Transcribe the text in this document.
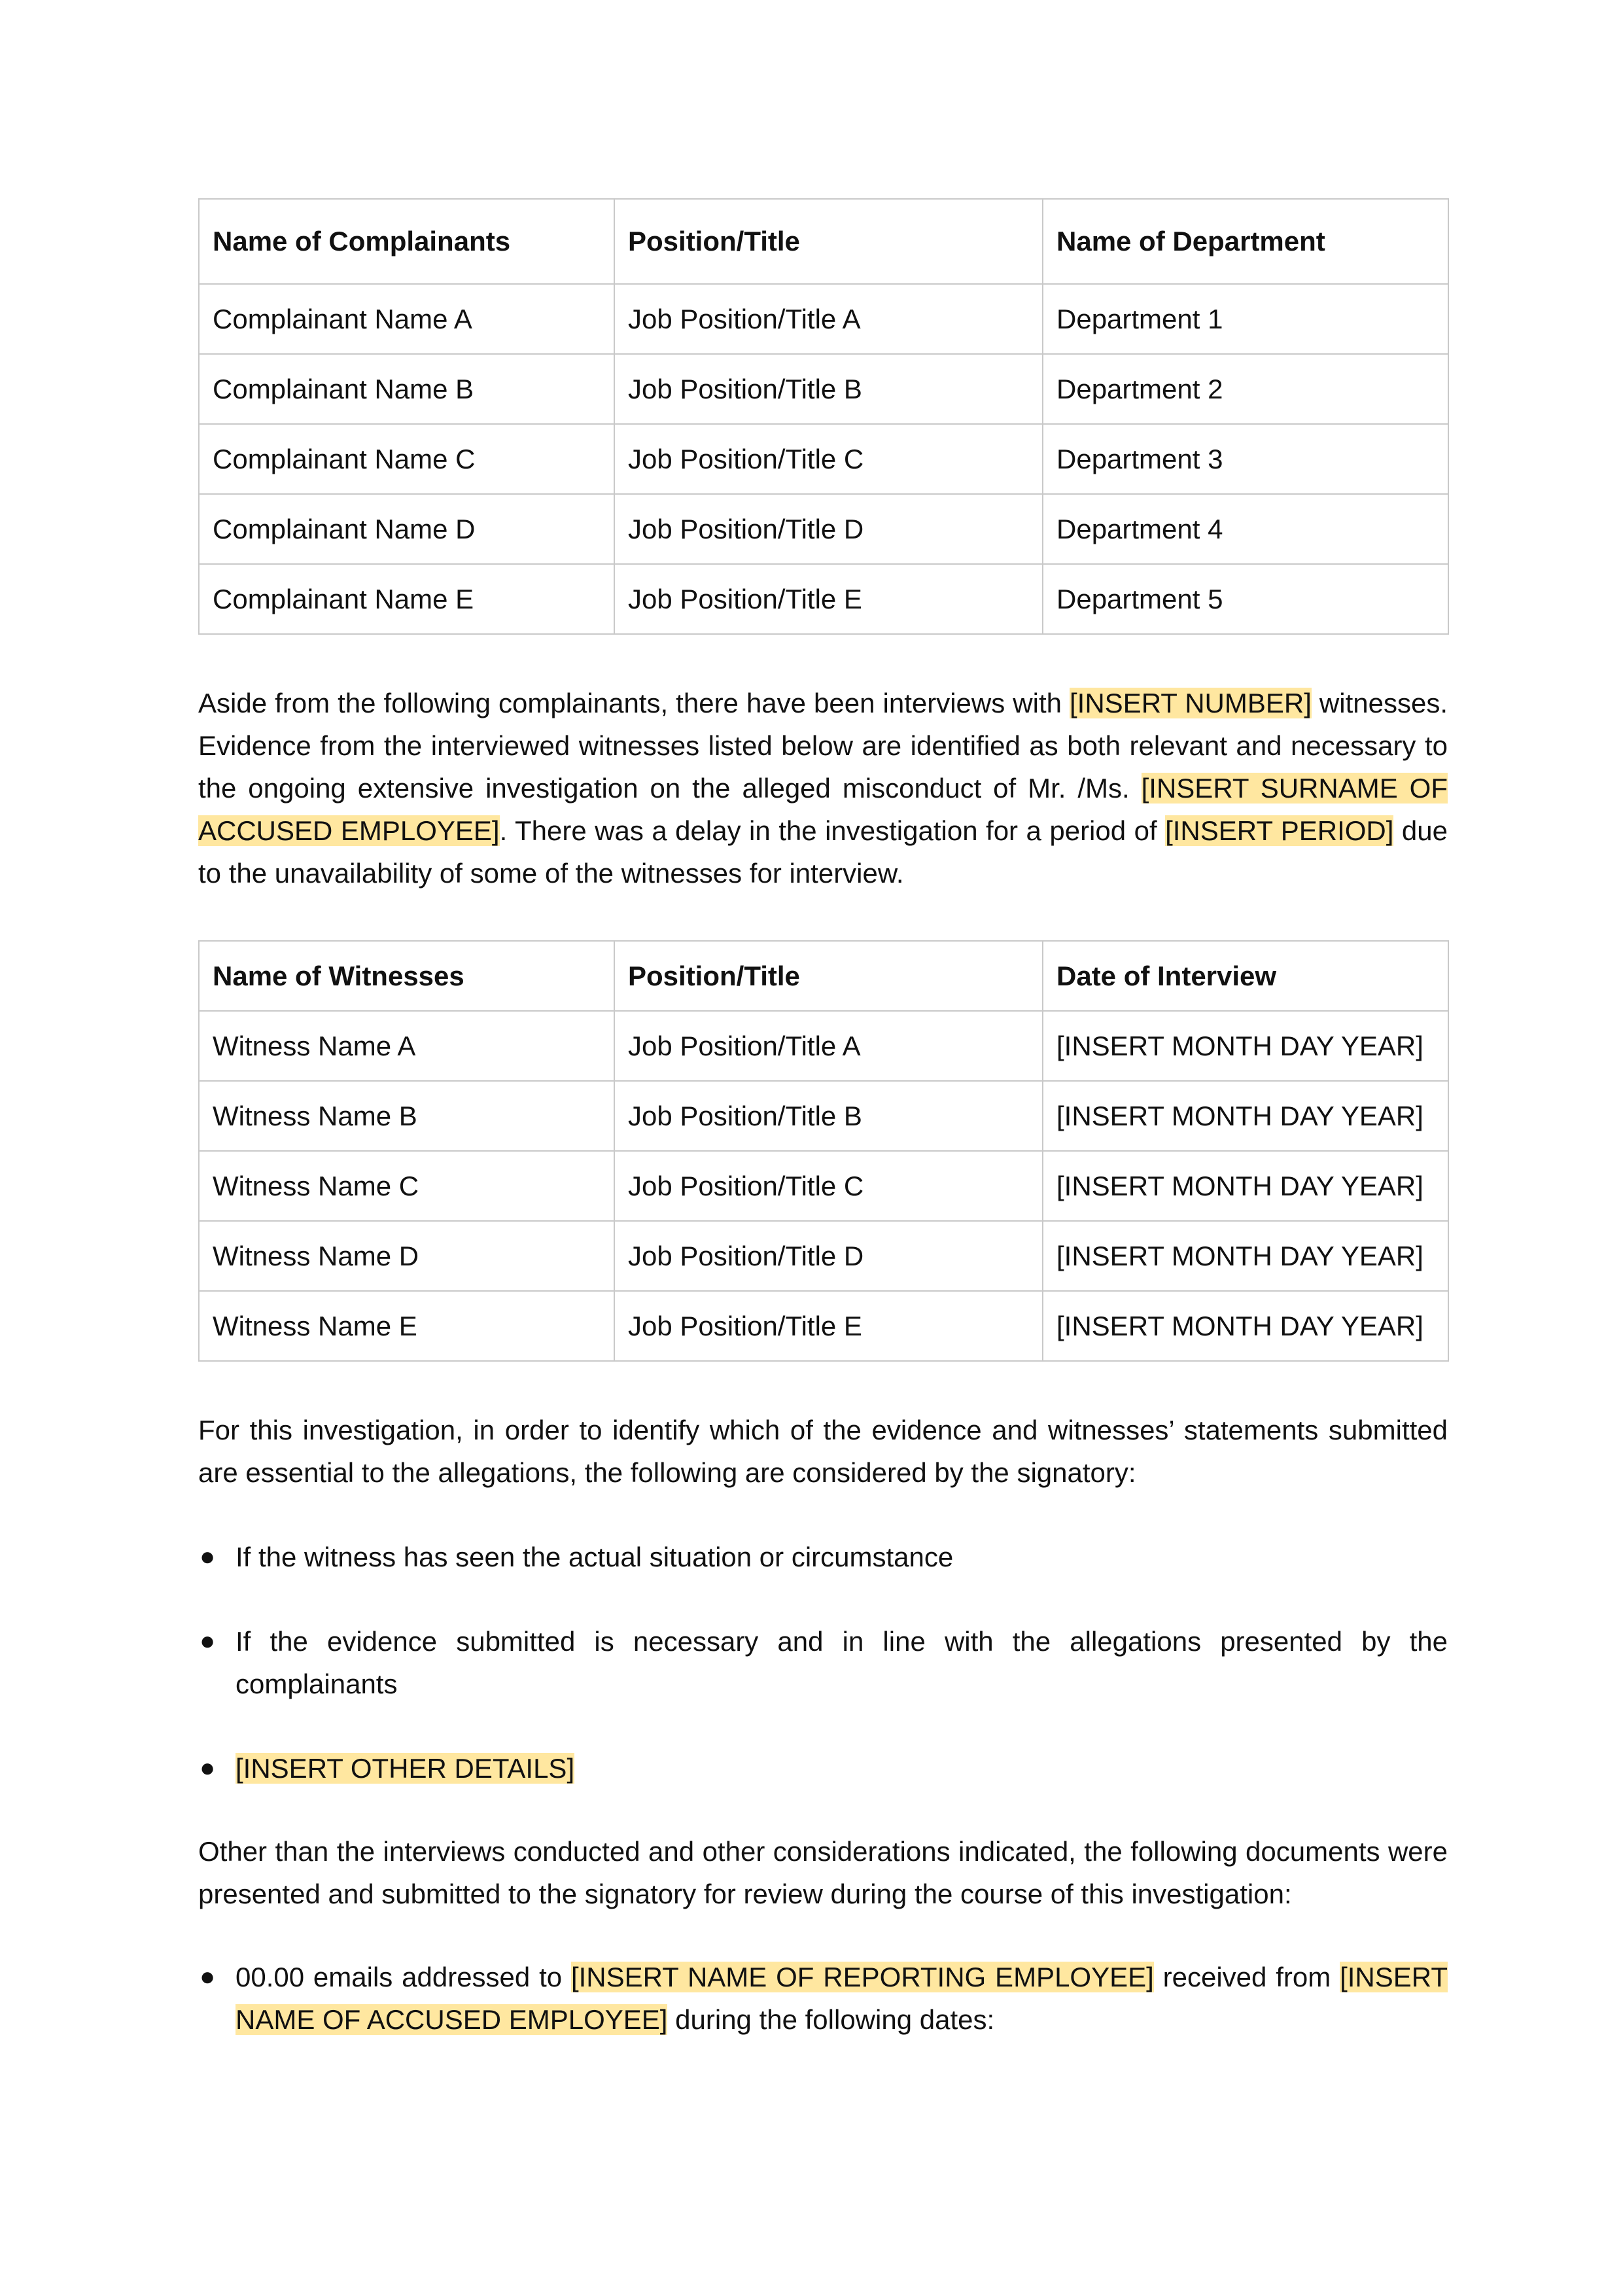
Name of Complainants	Position/Title	Name of Department
Complainant Name A	Job Position/Title A	Department 1
Complainant Name B	Job Position/Title B	Department 2
Complainant Name C	Job Position/Title C	Department 3
Complainant Name D	Job Position/Title D	Department 4
Complainant Name E	Job Position/Title E	Department 5

Aside from the following complainants, there have been interviews with [INSERT NUMBER] witnesses. Evidence from the interviewed witnesses listed below are identified as both relevant and necessary to the ongoing extensive investigation on the alleged misconduct of Mr. /Ms. [INSERT SURNAME OF ACCUSED EMPLOYEE]. There was a delay in the investigation for a period of [INSERT PERIOD] due to the unavailability of some of the witnesses for interview.

Name of Witnesses	Position/Title	Date of Interview
Witness Name A	Job Position/Title A	[INSERT MONTH DAY YEAR]
Witness Name B	Job Position/Title B	[INSERT MONTH DAY YEAR]
Witness Name C	Job Position/Title C	[INSERT MONTH DAY YEAR]
Witness Name D	Job Position/Title D	[INSERT MONTH DAY YEAR]
Witness Name E	Job Position/Title E	[INSERT MONTH DAY YEAR]

For this investigation, in order to identify which of the evidence and witnesses’ statements submitted are essential to the allegations, the following are considered by the signatory:

● If the witness has seen the actual situation or circumstance
● If the evidence submitted is necessary and in line with the allegations presented by the complainants
● [INSERT OTHER DETAILS]

Other than the interviews conducted and other considerations indicated, the following documents were presented and submitted to the signatory for review during the course of this investigation:

● 00.00 emails addressed to [INSERT NAME OF REPORTING EMPLOYEE] received from [INSERT NAME OF ACCUSED EMPLOYEE] during the following dates:
